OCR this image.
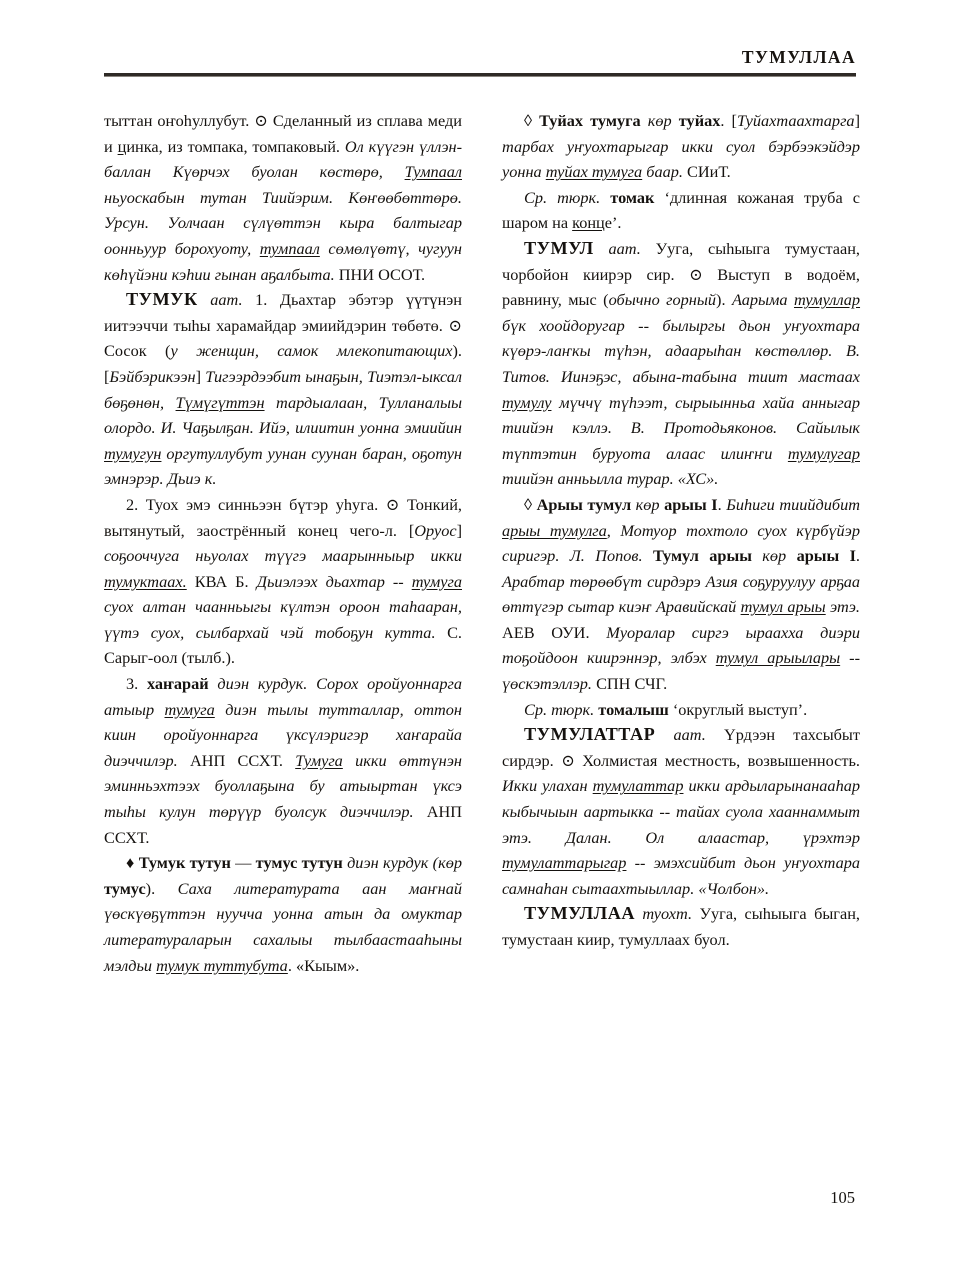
ТУМУЛЛАА

тыттан оҥоһуллубут. ⊙ Сделанный из сплава меди и цинка, из томпака, томпаковый. Ол күүгэн үллэн-баллан Күөрчэх буолан көстөрө, Тумпаал ньуоскабын тутан Тиийэрим. Көҥөөбөттөрө. Урсун. Уолчаан сүлүөттэн кыра балтыгар оонньуур борохуоту, тумпаал сөмөлүөтү, чугуун көһүйэни кэһии гынан аҕалбыта. ПНИ ОСОТ.

ТУМУК аат. 1. Дьахтар эбэтэр үүтүнэн иитээччи тыһы харамайдар эмиийдэрин төбөтө. ⊙ Сосок (у женщин, самок млекопитающих). [Бэйбэрикээн] Тигээрдээбит ынаҕын, Тиэтэл-ыксал бөҕөнөн, Түмүгүттэн тардыалаан, Тулланалыы олордо. И. Чаҕылҕан. Ийэ, илиитин уонна эмиийин тумугун оргутуллубут уунан суунан баран, оҕотун эмнэрэр. Дьиэ к.

2. Туох эмэ синньээн бүтэр уһуга. ⊙ Тонкий, вытянутый, заострённый конец чего-л. [Оруос] соҕооччуга ньуолах түүгэ маарынныыр икки тумуктаах. КВА Б. Дьиэлээх дьахтар -- тумуга суох алтан чаанньыгы күлтэн ороон таһааран, үүтэ суох, сылбархай чэй тобоҕун кутта. С. Сарыг-оол (тылб.).

3. хаҥарай диэн курдук. Сорох оройуоннарга атыыр тумуга диэн тылы тутталлар, оттон киин оройуоннарга үксүлэригэр хаҥарайа диэччилэр. АНП ССХТ. Тумуга икки өттүнэн эминньэхтээх буоллаҕына бу атыыртан үксэ тыһы кулун төрүүр буолсук диэччилэр. АНП ССХТ.

♦ Тумук тутун — тумус тутун диэн курдук (көр тумус). Саха литературата аан маҥнай үөскүөҕүттэн нуучча уонна атын да омуктар литератураларын сахалыы тылбаастааһыны мэлдьи тумук туттубута. «Кыым».

◊ Туйах тумуга көр туйах. [Туйахтаахтарга] тарбах уҥуохтарыгар икки суол бэрбээкэйдэр уонна туйах тумуга баар. СИиТ.

Ср. тюрк. томак ‘длинная кожаная труба с шаром на конце’.

ТУМУЛ аат. Ууга, сыһыыга тумустаан, чорбойон киирэр сир. ⊙ Выступ в водоём, равнину, мыс (обычно горный). Аарыма тумуллар бүк хоойдоругар -- былыргы дьон уҥуохтара күөрэ-лаҥкы түһэн, адаарыһан көстөллөр. В. Титов. Иинэҕэс, абына-табына тиит мастаах тумулу мүччү түһээт, сырыынньа хайа анныгар тиийэн кэллэ. В. Протодьяконов. Сайылык түптэтин буруота алаас илиҥҥи тумулугар тиийэн анньылла турар. «ХС».

◊ Арыы тумул көр арыы I. Биһиги тиийдибит арыы тумулга, Мотуор тохтоло суох күрбүйэр сиригэр. Л. Попов. Тумул арыы көр арыы I. Арабтар төрөөбүт сирдэрэ Азия соҕуруулуу арҕаа өттүгэр сытар киэҥ Аравийскай тумул арыы этэ. АЕВ ОУИ. Муоралар сиргэ ыраахха диэри тоҕойдоон киирэннэр, элбэх тумул арыылары -- үөскэтэллэр. СПН СЧГ.

Ср. тюрк. томалыш ‘округлый выступ’.

ТУМУЛАТТАР аат. Үрдээн тахсыбыт сирдэр. ⊙ Холмистая местность, возвышенность. Икки улахан тумулаттар икки ардыларынанааһар кыбычыын аартыкка -- тайах суола хааннаммыт этэ. Далан. Ол алаастар, үрэхтэр тумулаттарыгар -- эмэхсийбит дьон уҥуохтара самнаһан сытаахтыыллар. «Чолбон».

ТУМУЛЛАА туохт. Ууга, сыһыыга быган, тумустаан киир, тумуллаах буол.

105
